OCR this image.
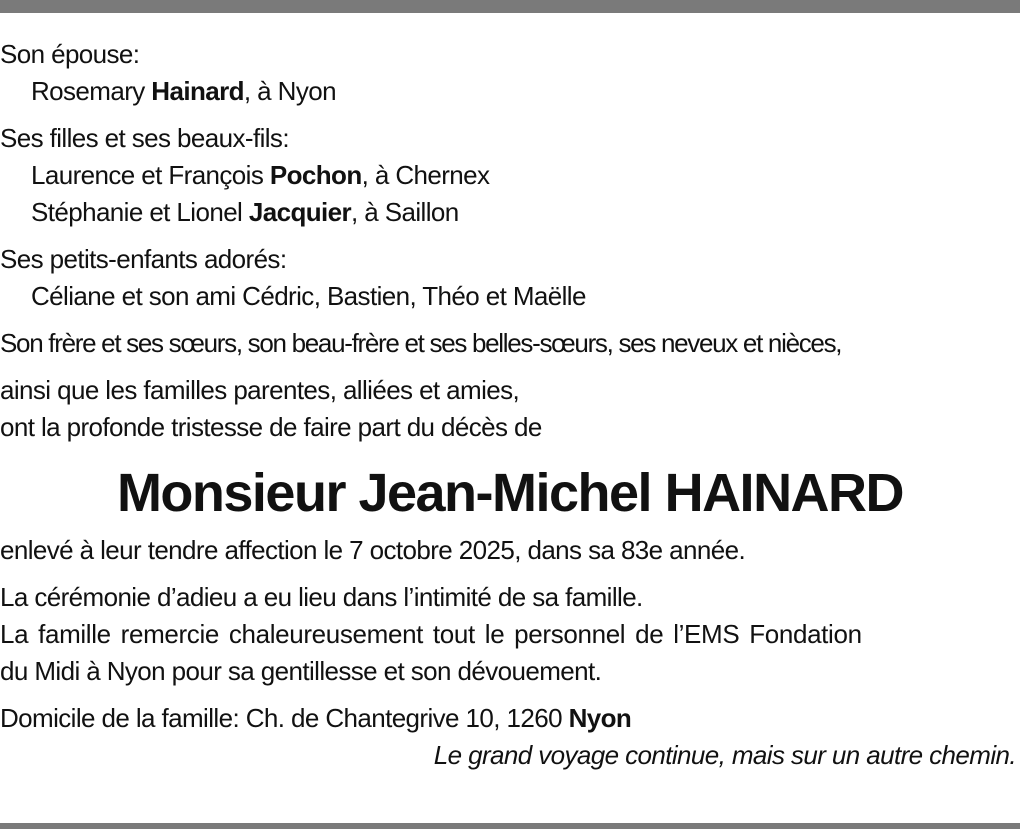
Son épouse:
Rosemary Hainard, à Nyon
Ses filles et ses beaux-fils:
Laurence et François Pochon, à Chernex
Stéphanie et Lionel Jacquier, à Saillon
Ses petits-enfants adorés:
Céliane et son ami Cédric, Bastien, Théo et Maëlle
Son frère et ses sœurs, son beau-frère et ses belles-sœurs, ses neveux et nièces,
ainsi que les familles parentes, alliées et amies,
ont la profonde tristesse de faire part du décès de
Monsieur Jean-Michel HAINARD
enlevé à leur tendre affection le 7 octobre 2025, dans sa 83e année.
La cérémonie d’adieu a eu lieu dans l’intimité de sa famille.
La famille remercie chaleureusement tout le personnel de l’EMS Fondation
du Midi à Nyon pour sa gentillesse et son dévouement.
Domicile de la famille: Ch. de Chantegrive 10, 1260 Nyon
Le grand voyage continue, mais sur un autre chemin.
